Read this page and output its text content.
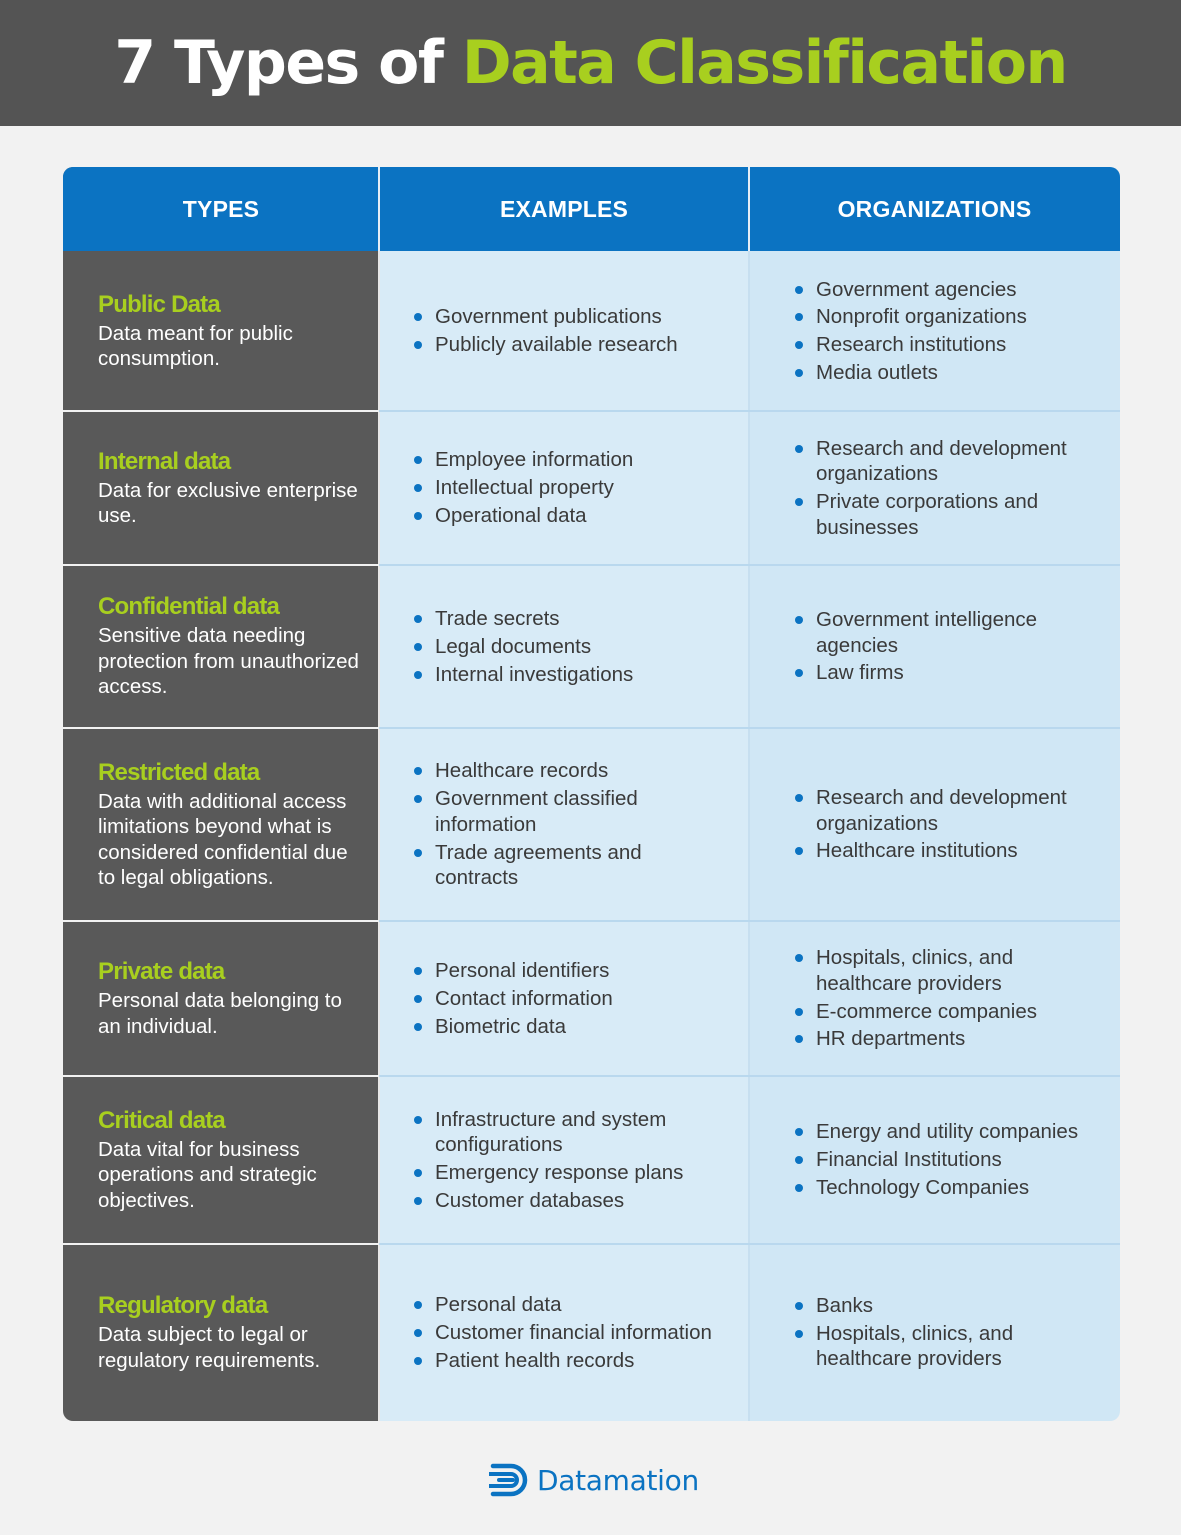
7 Types of Data Classification
TYPES	EXAMPLES	ORGANIZATIONS
Public Data
Data meant for public consumption.
Government publications
Publicly available research
Government agencies
Nonprofit organizations
Research institutions
Media outlets
Internal data
Data for exclusive enterprise use.
Employee information
Intellectual property
Operational data
Research and development organizations
Private corporations and businesses
Confidential data
Sensitive data needing protection from unauthorized access.
Trade secrets
Legal documents
Internal investigations
Government intelligence agencies
Law firms
Restricted data
Data with additional access limitations beyond what is considered confidential due to legal obligations.
Healthcare records
Government classified information
Trade agreements and contracts
Research and development organizations
Healthcare institutions
Private data
Personal data belonging to an individual.
Personal identifiers
Contact information
Biometric data
Hospitals, clinics, and healthcare providers
E-commerce companies
HR departments
Critical data
Data vital for business operations and strategic objectives.
Infrastructure and system configurations
Emergency response plans
Customer databases
Energy and utility companies
Financial Institutions
Technology Companies
Regulatory data
Data subject to legal or regulatory requirements.
Personal data
Customer financial information
Patient health records
Banks
Hospitals, clinics, and healthcare providers
Datamation
